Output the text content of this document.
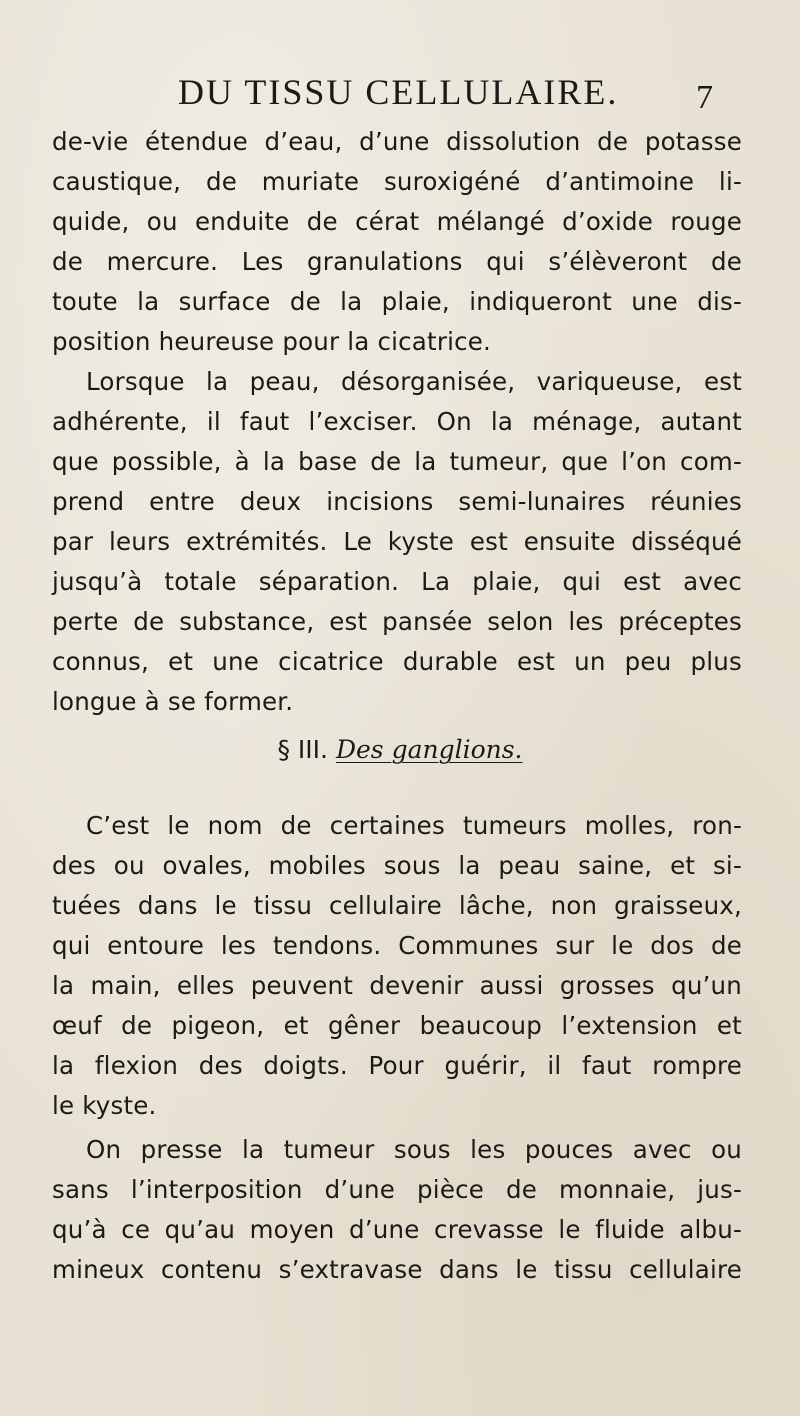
DU TISSU CELLULAIRE. 7
de-vie étendue d’eau, d’une dissolution de potasse
caustique, de muriate suroxigéné d’antimoine li-
quide, ou enduite de cérat mélangé d’oxide rouge
de mercure. Les granulations qui s’élèveront de
toute la surface de la plaie, indiqueront une dis-
position heureuse pour la cicatrice.
Lorsque la peau, désorganisée, variqueuse, est
adhérente, il faut l’exciser. On la ménage, autant
que possible, à la base de la tumeur, que l’on com-
prend entre deux incisions semi-lunaires réunies
par leurs extrémités. Le kyste est ensuite disséqué
jusqu’à totale séparation. La plaie, qui est avec
perte de substance, est pansée selon les préceptes
connus, et une cicatrice durable est un peu plus
longue à se former.
§ III. Des ganglions.
C’est le nom de certaines tumeurs molles, ron-
des ou ovales, mobiles sous la peau saine, et si-
tuées dans le tissu cellulaire lâche, non graisseux,
qui entoure les tendons. Communes sur le dos de
la main, elles peuvent devenir aussi grosses qu’un
œuf de pigeon, et gêner beaucoup l’extension et
la flexion des doigts. Pour guérir, il faut rompre
le kyste.
On presse la tumeur sous les pouces avec ou
sans l’interposition d’une pièce de monnaie, jus-
qu’à ce qu’au moyen d’une crevasse le fluide albu-
mineux contenu s’extravase dans le tissu cellulaire
